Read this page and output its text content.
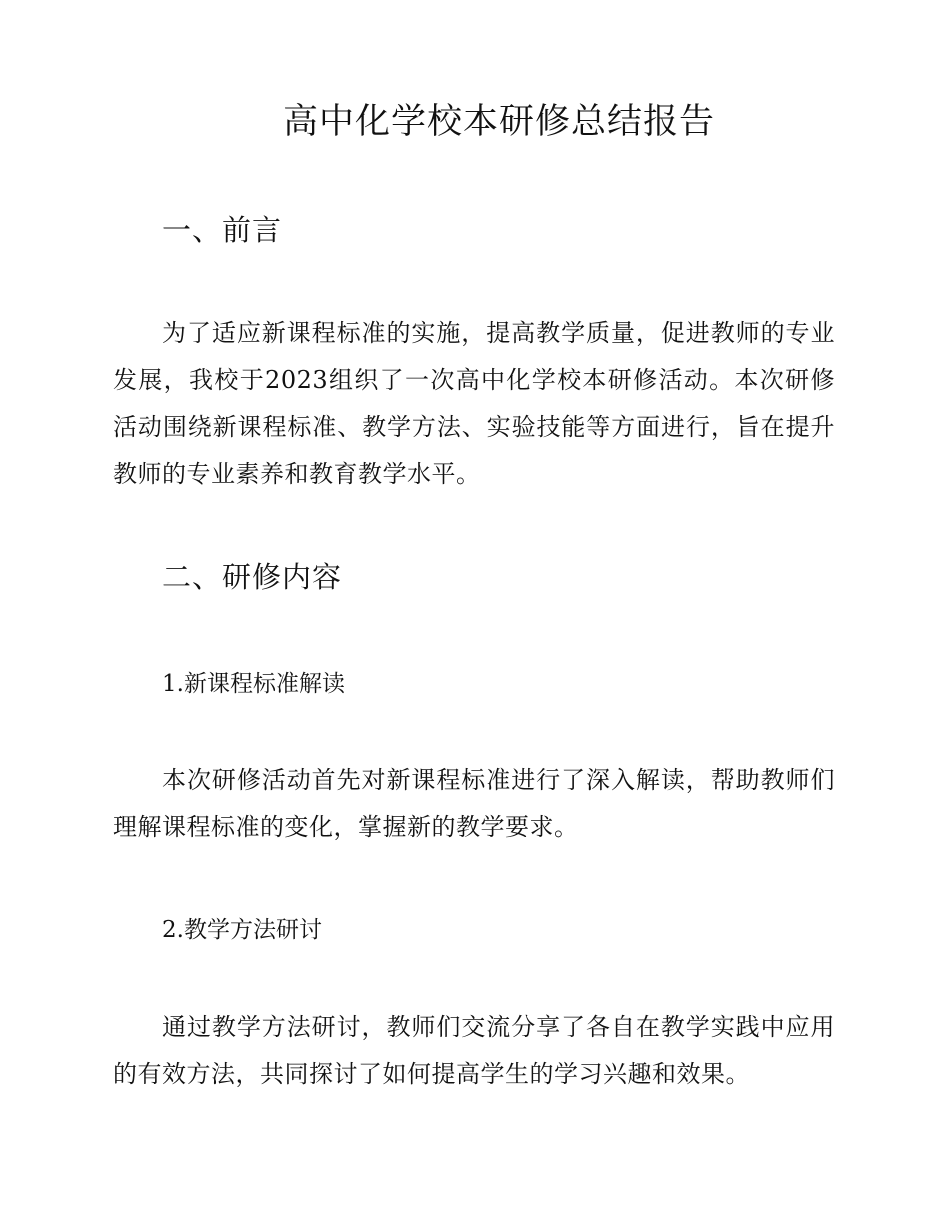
高中化学校本研修总结报告
一、前言

为了适应新课程标准的实施，提高教学质量，促进教师的专业发展，我校于2023组织了一次高中化学校本研修活动。本次研修活动围绕新课程标准、教学方法、实验技能等方面进行，旨在提升教师的专业素养和教育教学水平。

二、研修内容
1.新课程标准解读

本次研修活动首先对新课程标准进行了深入解读，帮助教师们理解课程标准的变化，掌握新的教学要求。

2.教学方法研讨

通过教学方法研讨，教师们交流分享了各自在教学实践中应用的有效方法，共同探讨了如何提高学生的学习兴趣和效果。
